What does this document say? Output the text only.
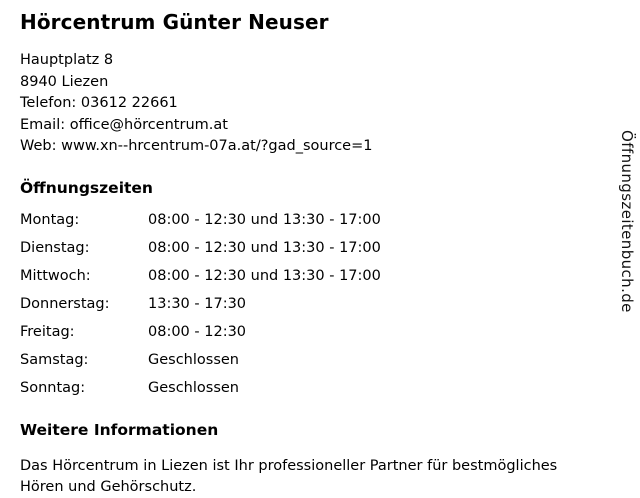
Hörcentrum Günter Neuser

Hauptplatz 8

8940 Liezen

Telefon: 03612 22661

Email: office@hörcentrum.at

Web: www.xn--hrcentrum-07a.at/?gad_source=1

Öffnungszeiten
Montag:	08:00 - 12:30 und 13:30 - 17:00
Dienstag:	08:00 - 12:30 und 13:30 - 17:00
Mittwoch:	08:00 - 12:30 und 13:30 - 17:00
Donnerstag:	13:30 - 17:30
Freitag:	08:00 - 12:30
Samstag:	Geschlossen
Sonntag:	Geschlossen
Weitere Informationen

Das Hörcentrum in Liezen ist Ihr professioneller Partner für bestmögliches Hören und Gehörschutz.

Öffnungszeitenbuch.de
